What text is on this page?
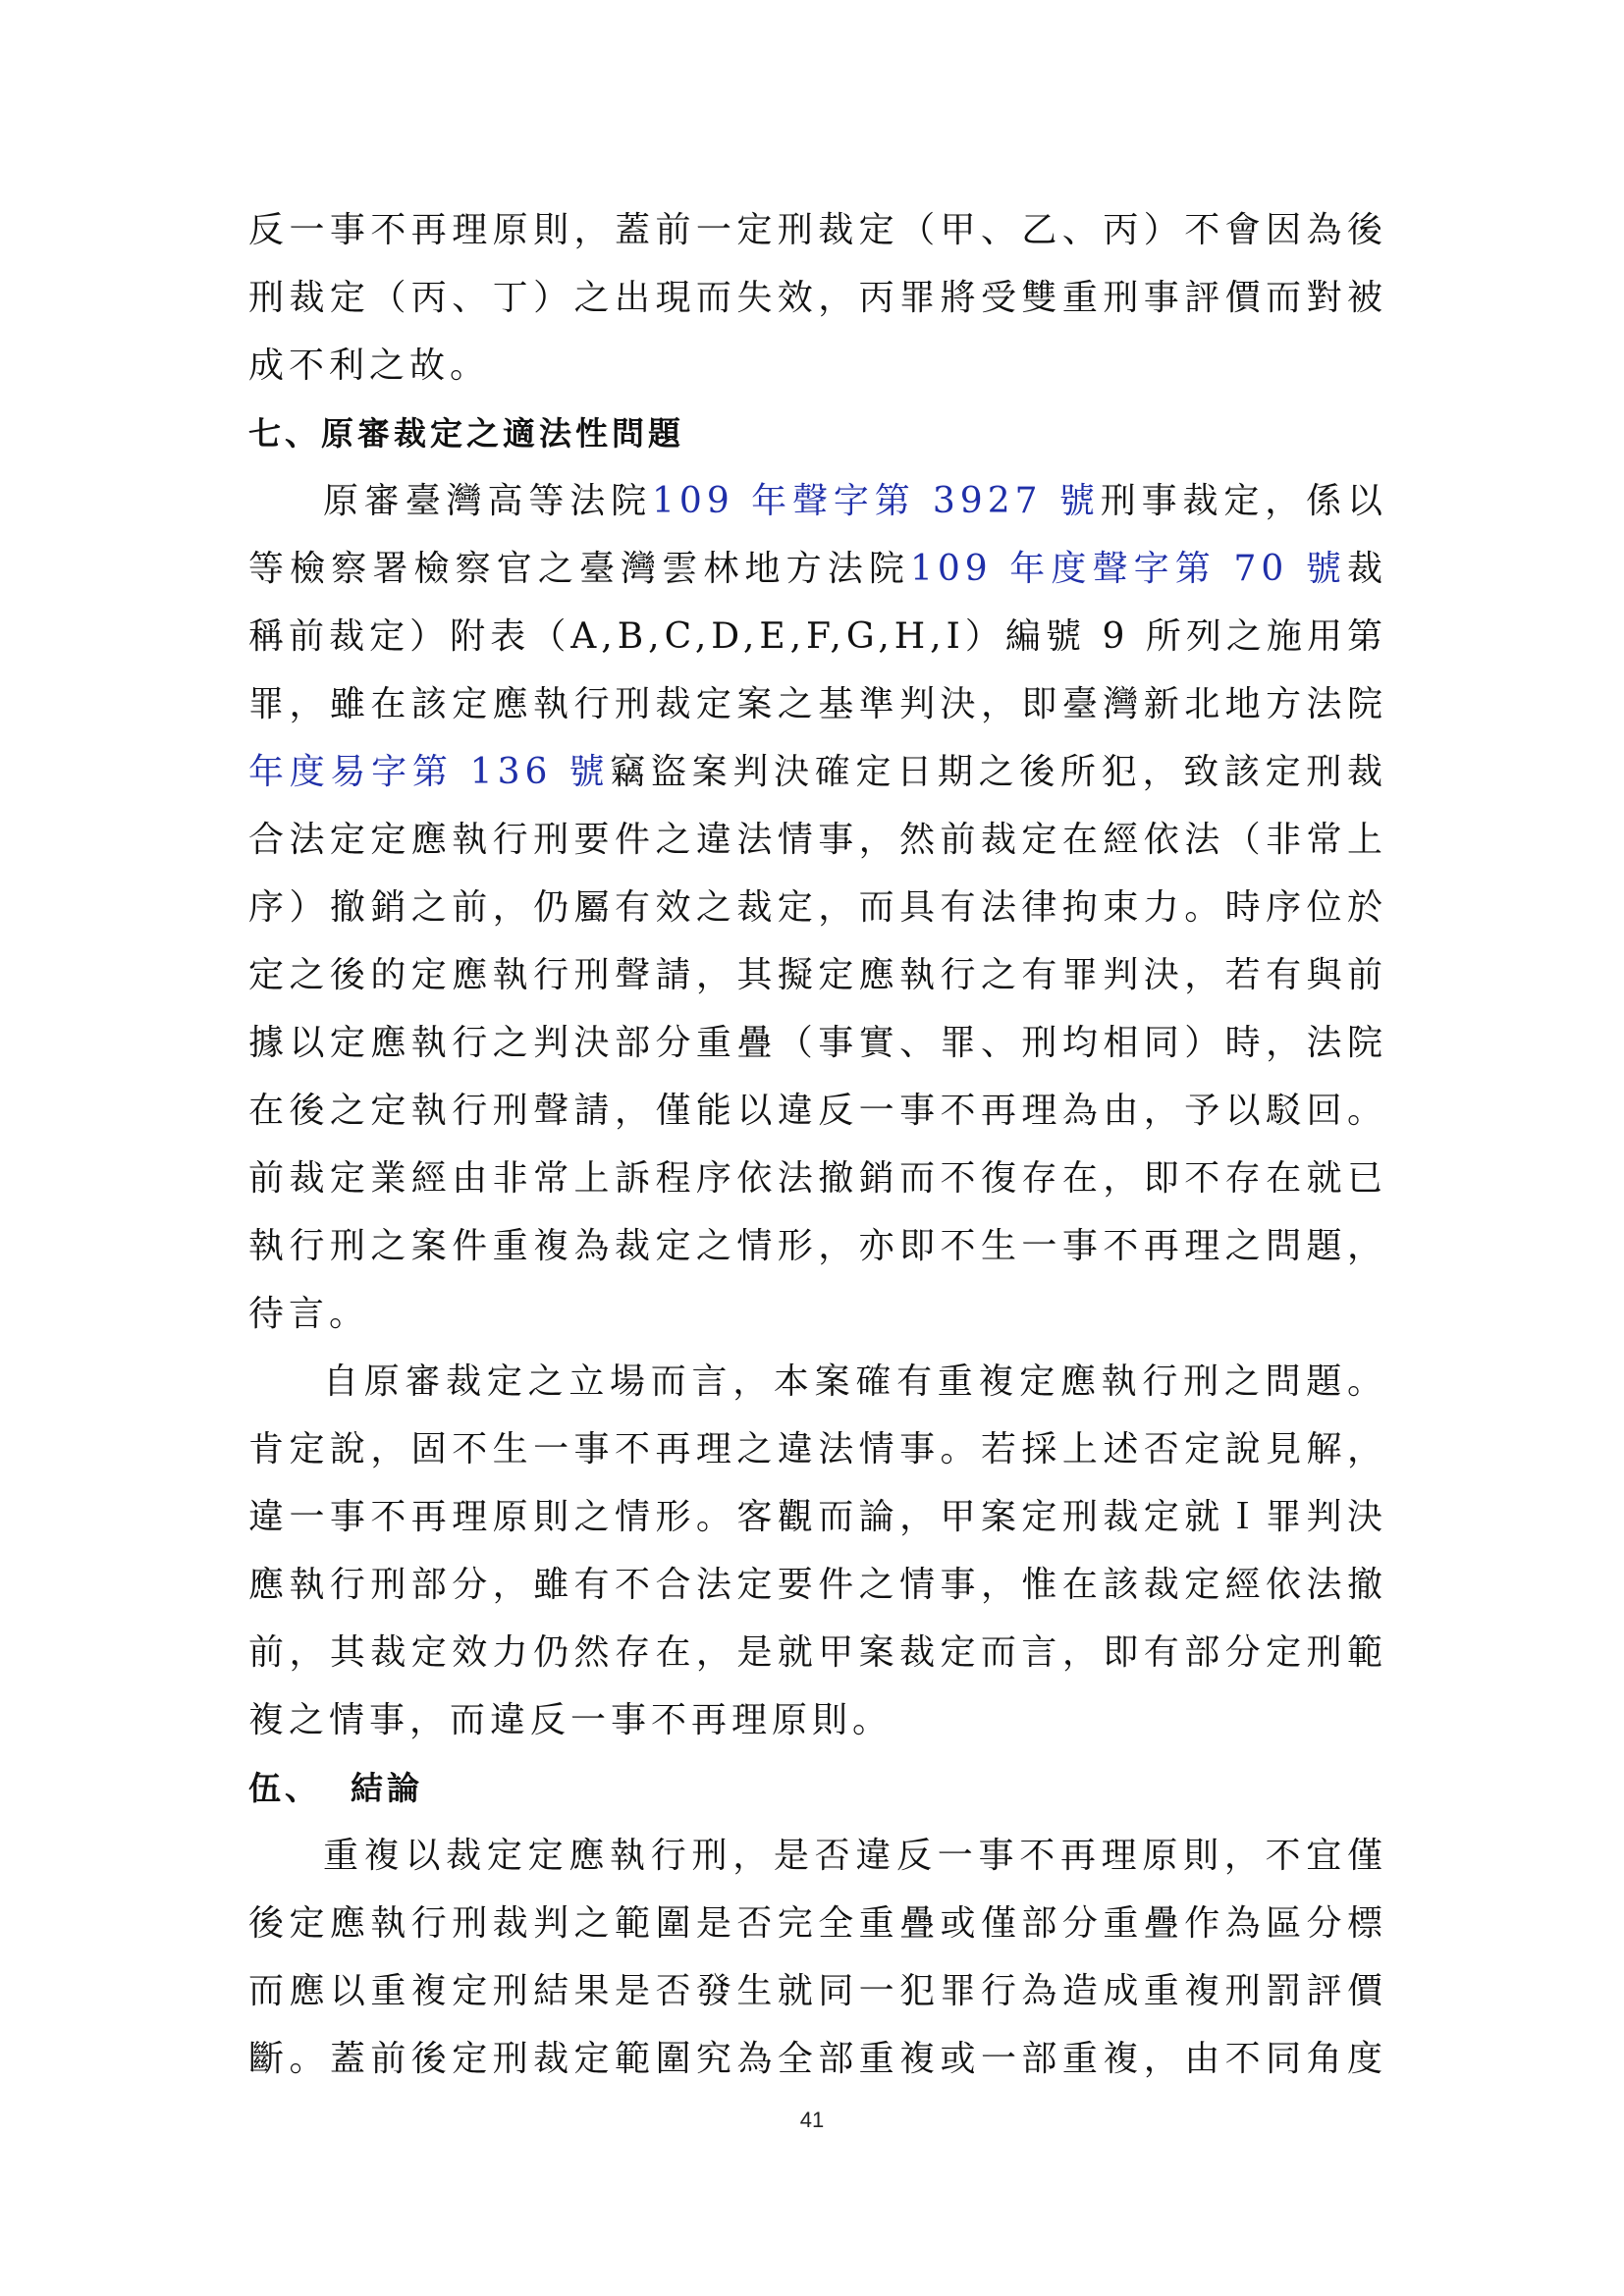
反一事不再理原則，蓋前一定刑裁定（甲、乙、丙）不會因為後
刑裁定（丙、丁）之出現而失效，丙罪將受雙重刑事評價而對被
成不利之故。
七、原審裁定之適法性問題
原審臺灣高等法院109 年聲字第 3927 號刑事裁定，係以
等檢察署檢察官之臺灣雲林地方法院109 年度聲字第 70 號裁
稱前裁定）附表（A,B,C,D,E,F,G,H,I）編號 9 所列之施用第
罪，雖在該定應執行刑裁定案之基準判決，即臺灣新北地方法院
年度易字第 136 號竊盜案判決確定日期之後所犯，致該定刑裁
合法定定應執行刑要件之違法情事，然前裁定在經依法（非常上
序）撤銷之前，仍屬有效之裁定，而具有法律拘束力。時序位於
定之後的定應執行刑聲請，其擬定應執行之有罪判決，若有與前
據以定應執行之判決部分重疊（事實、罪、刑均相同）時，法院
在後之定執行刑聲請，僅能以違反一事不再理為由，予以駁回。
前裁定業經由非常上訴程序依法撤銷而不復存在，即不存在就已
執行刑之案件重複為裁定之情形，亦即不生一事不再理之問題，
待言。
自原審裁定之立場而言，本案確有重複定應執行刑之問題。
肯定說，固不生一事不再理之違法情事。若採上述否定說見解，
違一事不再理原則之情形。客觀而論，甲案定刑裁定就Ｉ罪判決
應執行刑部分，雖有不合法定要件之情事，惟在該裁定經依法撤
前，其裁定效力仍然存在，是就甲案裁定而言，即有部分定刑範
複之情事，而違反一事不再理原則。
伍、 結論
重複以裁定定應執行刑，是否違反一事不再理原則，不宜僅
後定應執行刑裁判之範圍是否完全重疊或僅部分重疊作為區分標
而應以重複定刑結果是否發生就同一犯罪行為造成重複刑罰評價
斷。蓋前後定刑裁定範圍究為全部重複或一部重複，由不同角度
41
